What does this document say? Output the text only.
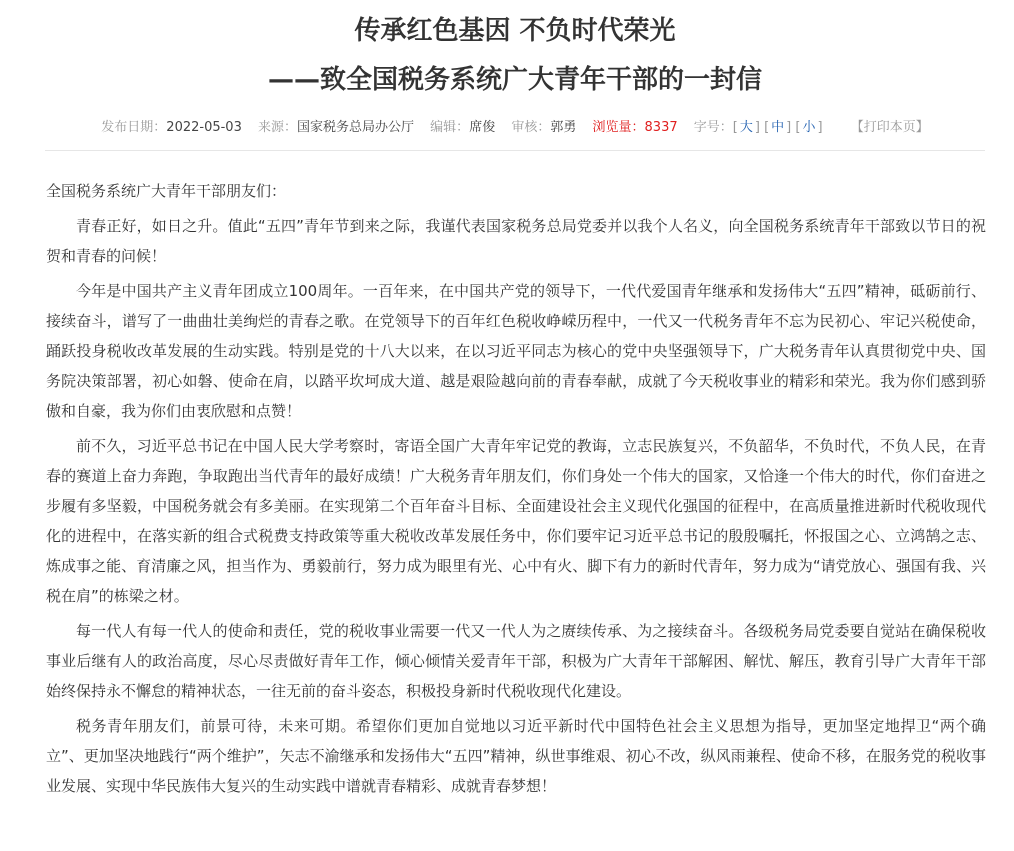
传承红色基因 不负时代荣光
——致全国税务系统广大青年干部的一封信
发布日期：2022-05-03 来源：国家税务总局办公厅 编辑：席俊 审核：郭勇 浏览量：8337 字号：[ 大 ] [ 中 ] [ 小 ] 【打印本页】

全国税务系统广大青年干部朋友们：

青春正好，如日之升。值此“五四”青年节到来之际，我谨代表国家税务总局党委并以我个人名义，向全国税务系统青年干部致以节日的祝贺和青春的问候！

今年是中国共产主义青年团成立100周年。一百年来，在中国共产党的领导下，一代代爱国青年继承和发扬伟大“五四”精神，砥砺前行、接续奋斗，谱写了一曲曲壮美绚烂的青春之歌。在党领导下的百年红色税收峥嵘历程中，一代又一代税务青年不忘为民初心、牢记兴税使命，踊跃投身税收改革发展的生动实践。特别是党的十八大以来，在以习近平同志为核心的党中央坚强领导下，广大税务青年认真贯彻党中央、国务院决策部署，初心如磐、使命在肩，以踏平坎坷成大道、越是艰险越向前的青春奉献，成就了今天税收事业的精彩和荣光。我为你们感到骄傲和自豪，我为你们由衷欣慰和点赞！

前不久，习近平总书记在中国人民大学考察时，寄语全国广大青年牢记党的教诲，立志民族复兴，不负韶华，不负时代，不负人民，在青春的赛道上奋力奔跑，争取跑出当代青年的最好成绩！广大税务青年朋友们，你们身处一个伟大的国家，又恰逢一个伟大的时代，你们奋进之步履有多坚毅，中国税务就会有多美丽。在实现第二个百年奋斗目标、全面建设社会主义现代化强国的征程中，在高质量推进新时代税收现代化的进程中，在落实新的组合式税费支持政策等重大税收改革发展任务中，你们要牢记习近平总书记的殷殷嘱托，怀报国之心、立鸿鹄之志、炼成事之能、育清廉之风，担当作为、勇毅前行，努力成为眼里有光、心中有火、脚下有力的新时代青年，努力成为“请党放心、强国有我、兴税在肩”的栋梁之材。

每一代人有每一代人的使命和责任，党的税收事业需要一代又一代人为之赓续传承、为之接续奋斗。各级税务局党委要自觉站在确保税收事业后继有人的政治高度，尽心尽责做好青年工作，倾心倾情关爱青年干部，积极为广大青年干部解困、解忧、解压，教育引导广大青年干部始终保持永不懈怠的精神状态，一往无前的奋斗姿态，积极投身新时代税收现代化建设。

税务青年朋友们，前景可待，未来可期。希望你们更加自觉地以习近平新时代中国特色社会主义思想为指导，更加坚定地捍卫“两个确立”、更加坚决地践行“两个维护”，矢志不渝继承和发扬伟大“五四”精神，纵世事维艰、初心不改，纵风雨兼程、使命不移，在服务党的税收事业发展、实现中华民族伟大复兴的生动实践中谱就青春精彩、成就青春梦想！
